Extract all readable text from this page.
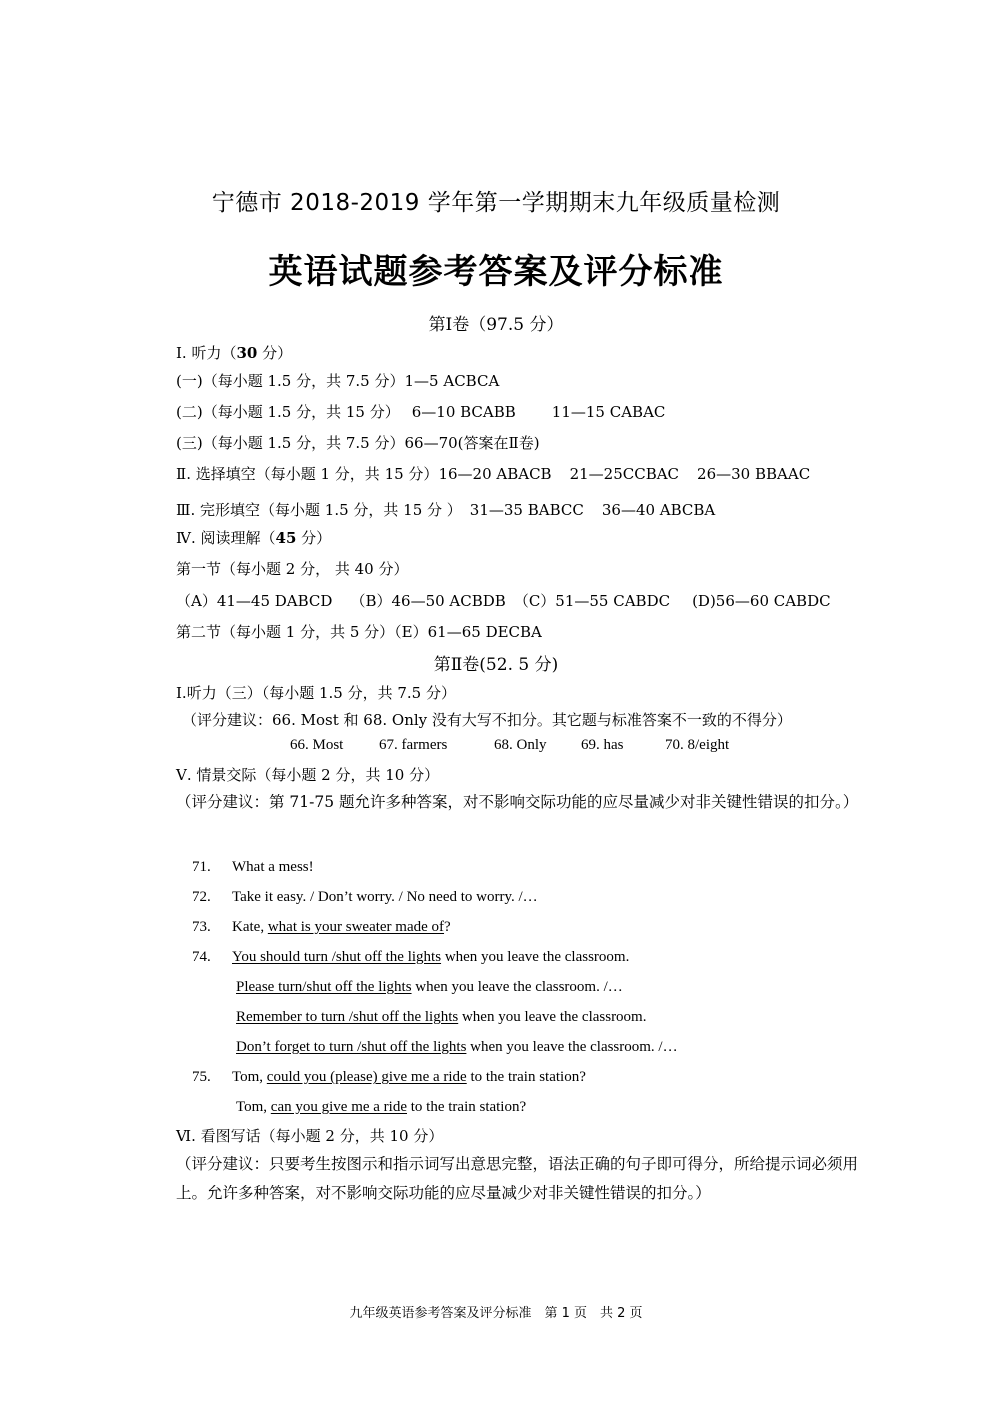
宁德市 2018-2019 学年第一学期期末九年级质量检测
英语试题参考答案及评分标准
第Ⅰ卷（97.5 分）
Ⅰ. 听力（30 分）
(一)（每小题 1.5 分，共 7.5 分）1—5 ACBCA
(二)（每小题 1.5 分，共 15 分） 6—10 BCABB 11—15 CABAC
(三)（每小题 1.5 分，共 7.5 分）66—70(答案在Ⅱ卷)
Ⅱ. 选择填空（每小题 1 分，共 15 分）16—20 ABACB 21—25CCBAC 26—30 BBAAC
Ⅲ. 完形填空（每小题 1.5 分，共 15 分 ） 31—35 BABCC 36—40 ABCBA
Ⅳ. 阅读理解（45 分）
第一节（每小题 2 分， 共 40 分）
（A）41—45 DABCD （B）46—50 ACBDB （C）51—55 CABDC (D)56—60 CABDC
第二节（每小题 1 分，共 5 分）（E）61—65 DECBA
第Ⅱ卷(52. 5 分)
Ⅰ.听力（三）（每小题 1.5 分，共 7.5 分）
（评分建议：66. Most 和 68. Only 没有大写不扣分。其它题与标准答案不一致的不得分）
66. Most 67. farmers	68. Only 69. has	70. 8/eight
Ⅴ. 情景交际（每小题 2 分，共 10 分）
（评分建议：第 71-75 题允许多种答案，对不影响交际功能的应尽量减少对非关键性错误的扣分。）
71. What a mess!
72. Take it easy. / Don’t worry. / No need to worry. /…
73. Kate, what is your sweater made of?
74. You should turn /shut off the lights when you leave the classroom.
Please turn/shut off the lights when you leave the classroom. /…
Remember to turn /shut off the lights when you leave the classroom.
Don’t forget to turn /shut off the lights when you leave the classroom. /…
75. Tom, could you (please) give me a ride to the train station?
Tom, can you give me a ride to the train station?
Ⅵ. 看图写话（每小题 2 分，共 10 分）
（评分建议：只要考生按图示和指示词写出意思完整，语法正确的句子即可得分，所给提示词必须用上。允许多种答案，对不影响交际功能的应尽量减少对非关键性错误的扣分。）
九年级英语参考答案及评分标准　第 1 页　共 2 页
